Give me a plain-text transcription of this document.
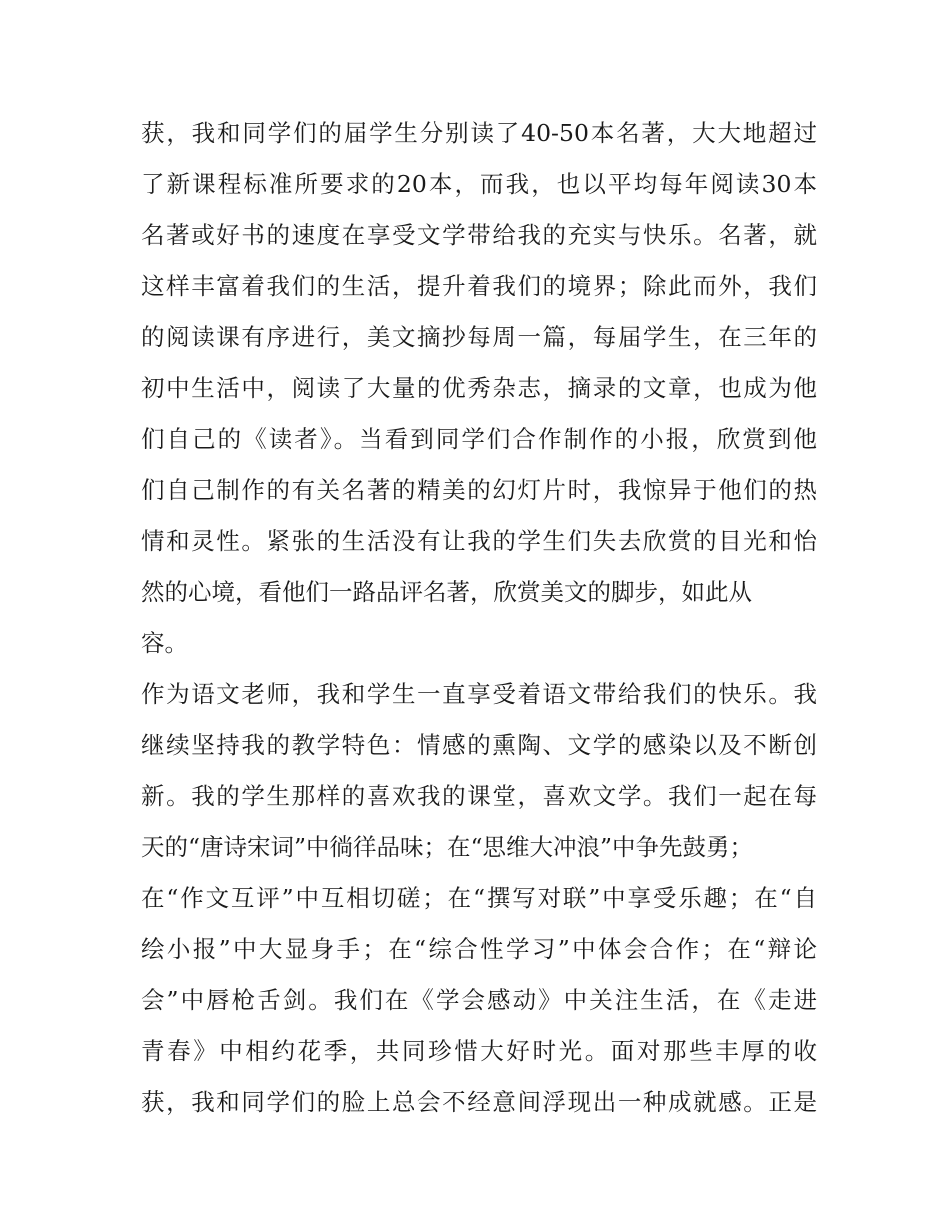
获，我和同学们的届学生分别读了40-50本名著，大大地超过
了新课程标准所要求的20本，而我，也以平均每年阅读30本
名著或好书的速度在享受文学带给我的充实与快乐。名著，就
这样丰富着我们的生活，提升着我们的境界；除此而外，我们
的阅读课有序进行，美文摘抄每周一篇，每届学生，在三年的
初中生活中，阅读了大量的优秀杂志，摘录的文章，也成为他
们自己的《读者》。当看到同学们合作制作的小报，欣赏到他
们自己制作的有关名著的精美的幻灯片时，我惊异于他们的热
情和灵性。紧张的生活没有让我的学生们失去欣赏的目光和怡
然的心境，看他们一路品评名著，欣赏美文的脚步，如此从
容。
作为语文老师，我和学生一直享受着语文带给我们的快乐。我
继续坚持我的教学特色：情感的熏陶、文学的感染以及不断创
新。我的学生那样的喜欢我的课堂，喜欢文学。我们一起在每
天的“唐诗宋词”中徜徉品味；在“思维大冲浪”中争先鼓勇；
在“作文互评”中互相切磋；在“撰写对联”中享受乐趣；在“自
绘小报”中大显身手；在“综合性学习”中体会合作；在“辩论
会”中唇枪舌剑。我们在《学会感动》中关注生活，在《走进
青春》中相约花季，共同珍惜大好时光。面对那些丰厚的收
获，我和同学们的脸上总会不经意间浮现出一种成就感。正是
